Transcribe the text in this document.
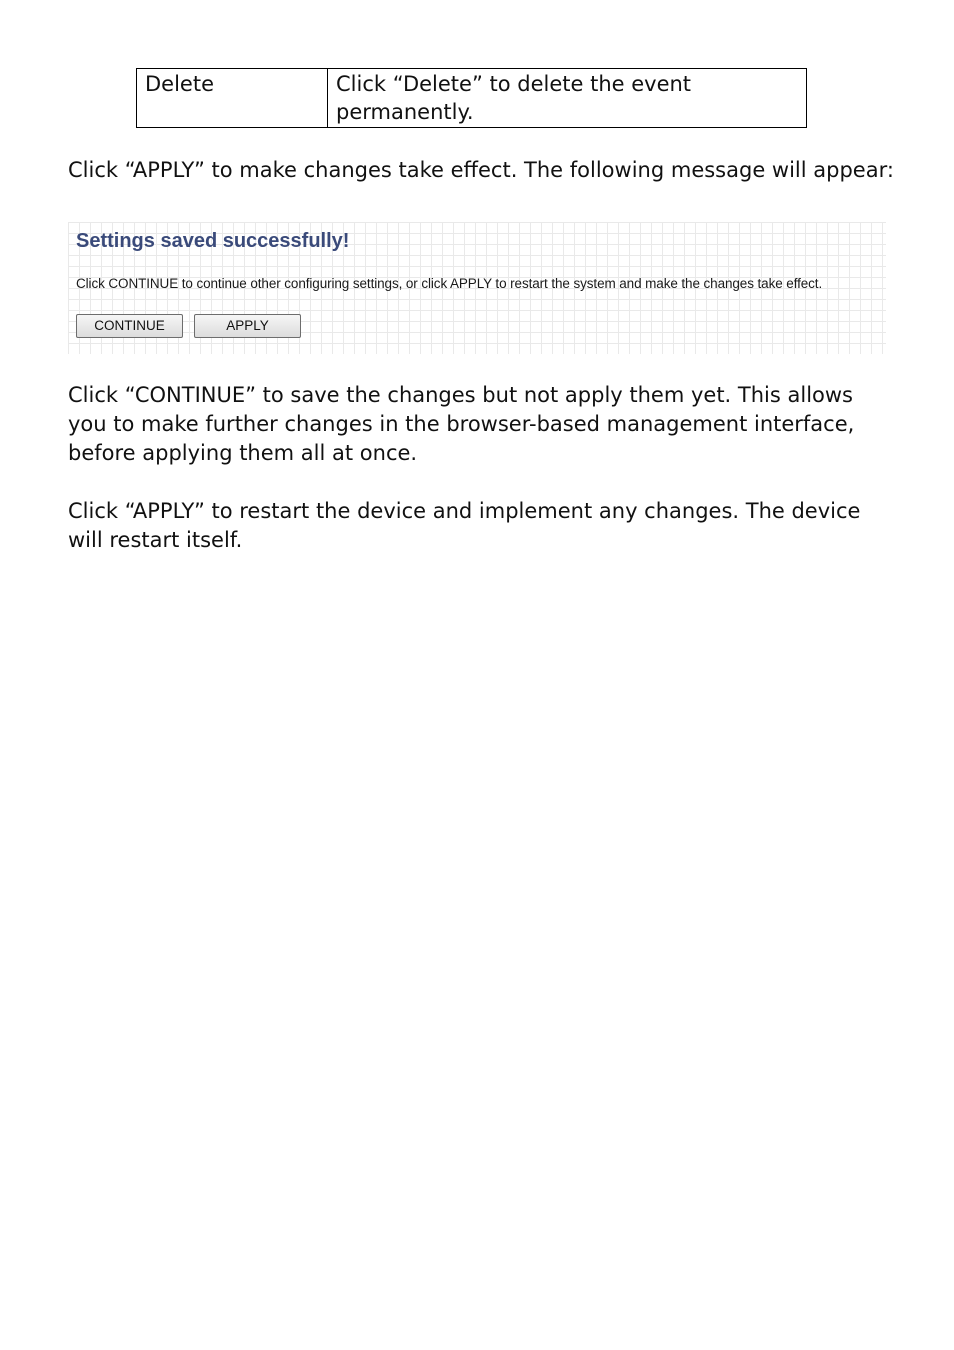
Delete	Click “Delete” to delete the event permanently.

Click “APPLY” to make changes take effect. The following message will appear:

Settings saved successfully!
Click CONTINUE to continue other configuring settings, or click APPLY to restart the system and make the changes take effect.
CONTINUE	APPLY

Click “CONTINUE” to save the changes but not apply them yet. This allows you to make further changes in the browser-based management interface, before applying them all at once.

Click “APPLY” to restart the device and implement any changes. The device will restart itself.
